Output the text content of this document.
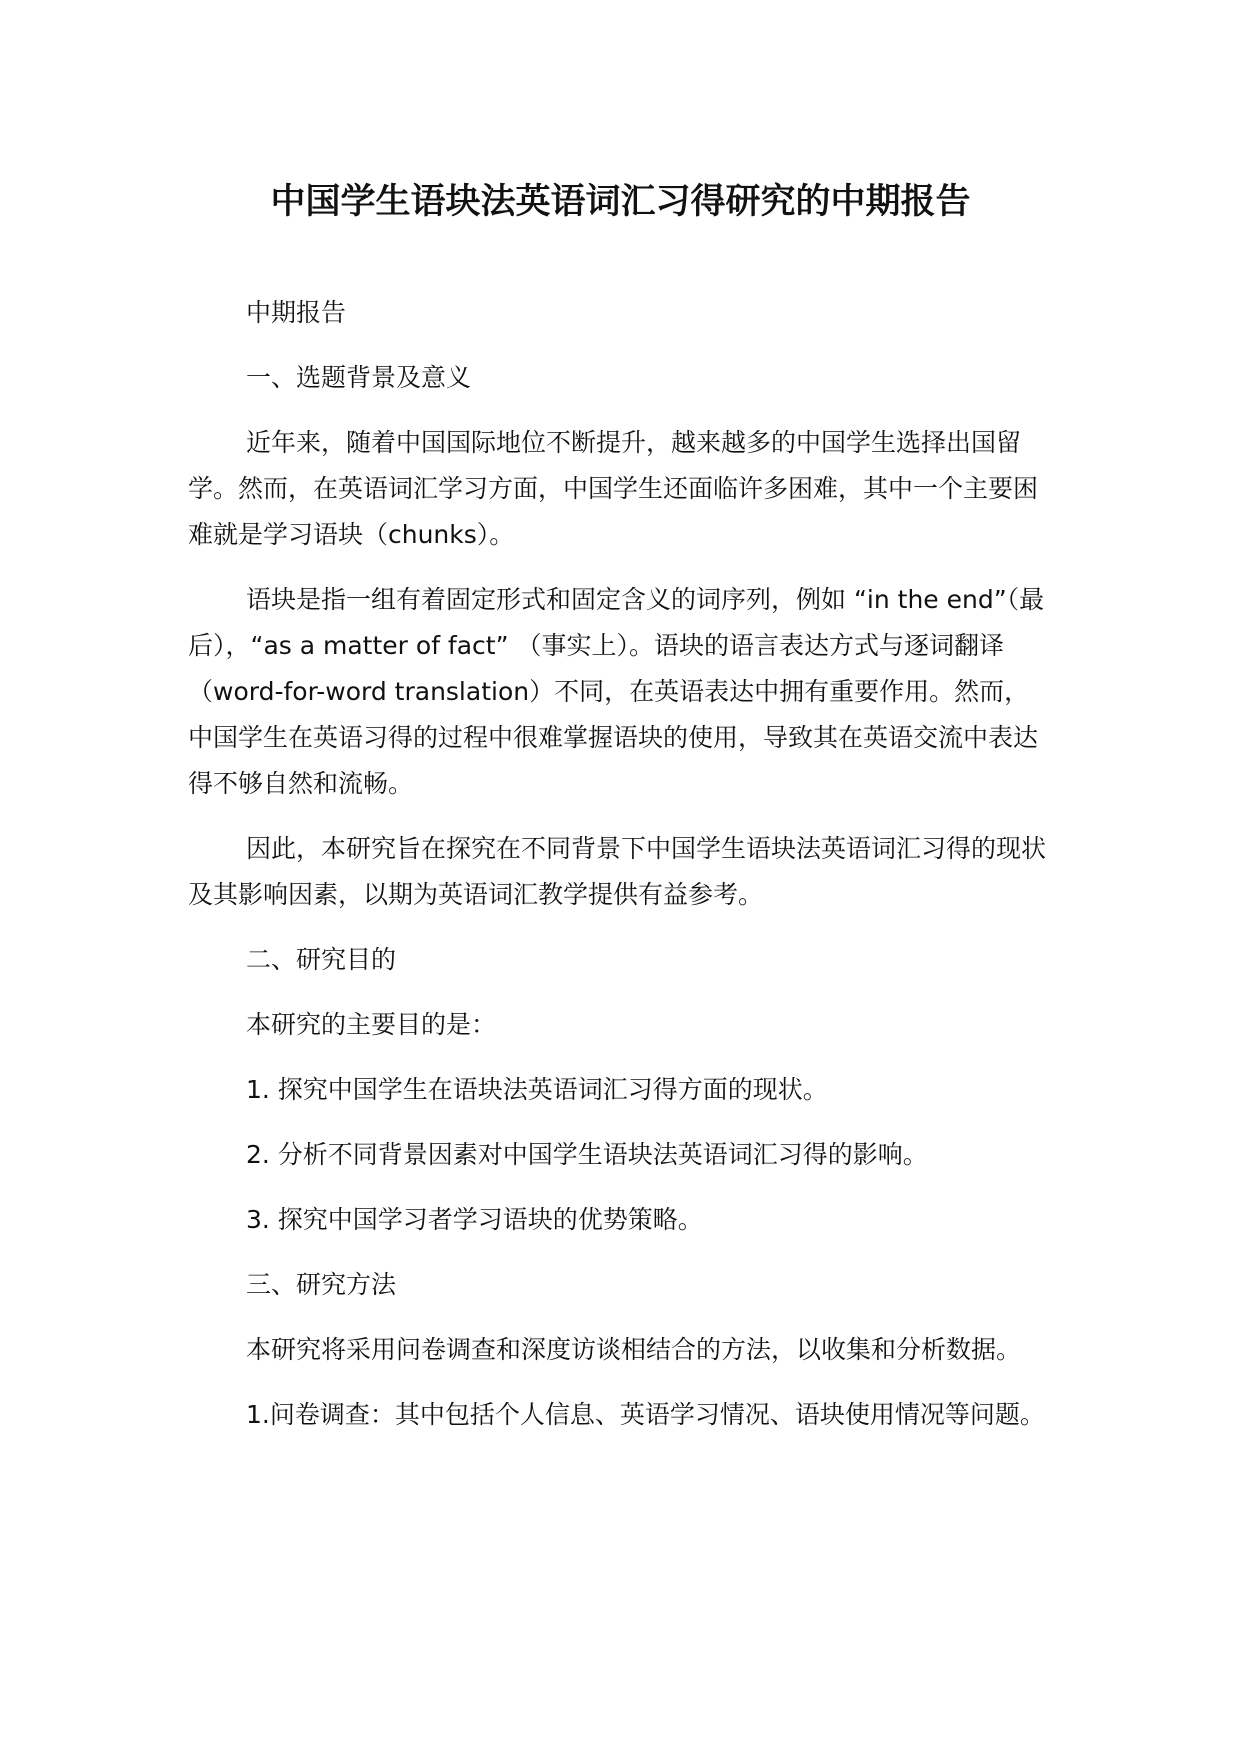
中国学生语块法英语词汇习得研究的中期报告

中期报告

一、选题背景及意义

近年来，随着中国国际地位不断提升，越来越多的中国学生选择出国留学。然而，在英语词汇学习方面，中国学生还面临许多困难，其中一个主要困难就是学习语块（chunks）。

语块是指一组有着固定形式和固定含义的词序列，例如 “in the end”（最后），“as a matter of fact” （事实上）。语块的语言表达方式与逐词翻译（word-for-word translation）不同，在英语表达中拥有重要作用。然而，中国学生在英语习得的过程中很难掌握语块的使用，导致其在英语交流中表达得不够自然和流畅。

因此，本研究旨在探究在不同背景下中国学生语块法英语词汇习得的现状及其影响因素，以期为英语词汇教学提供有益参考。

二、研究目的

本研究的主要目的是：

1. 探究中国学生在语块法英语词汇习得方面的现状。

2. 分析不同背景因素对中国学生语块法英语词汇习得的影响。

3. 探究中国学习者学习语块的优势策略。

三、研究方法

本研究将采用问卷调查和深度访谈相结合的方法，以收集和分析数据。

1.问卷调查：其中包括个人信息、英语学习情况、语块使用情况等问题。
